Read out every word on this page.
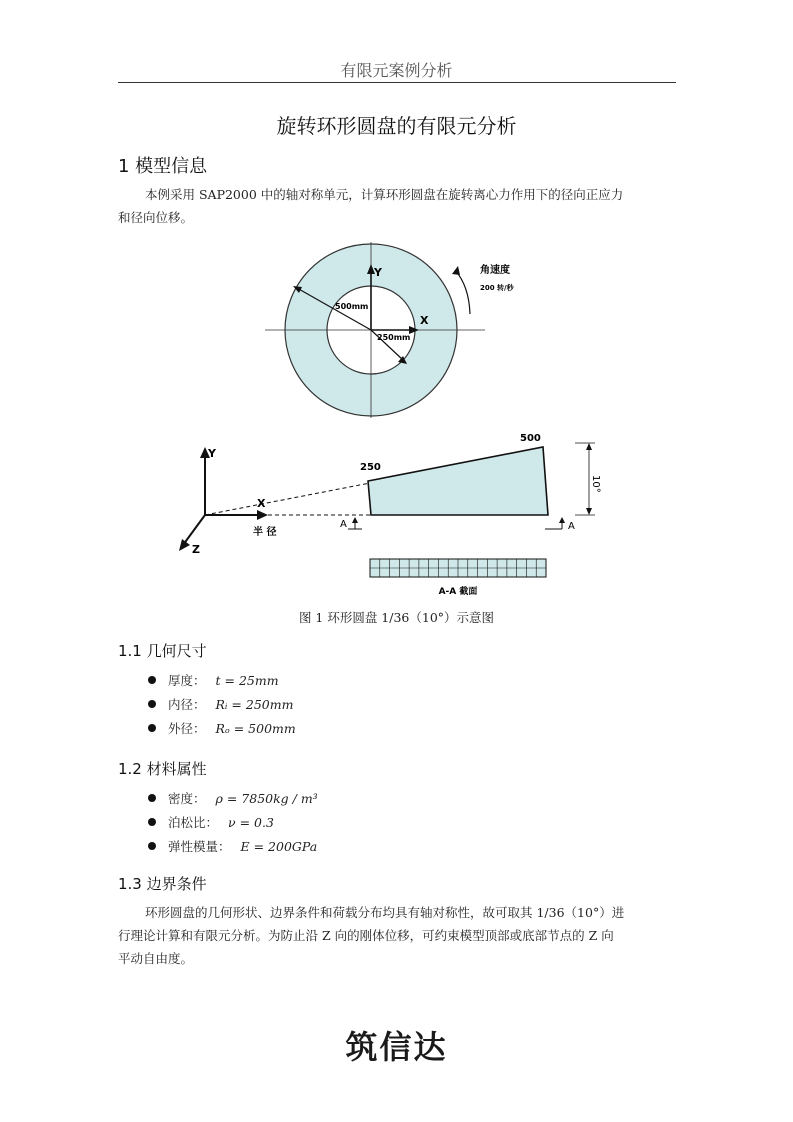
有限元案例分析
旋转环形圆盘的有限元分析
1 模型信息
本例采用 SAP2000 中的轴对称单元，计算环形圆盘在旋转离心力作用下的径向正应力
和径向位移。
Y
X
500mm
250mm
角速度
200 转/秒
Y
Z
半 径
X
250
500
10°
A	A
A-A 截面
图 1 环形圆盘 1/36（10°）示意图
1.1 几何尺寸
厚度： t = 25mm
内径： Rᵢ = 250mm
外径： Rₒ = 500mm
1.2 材料属性
密度： ρ = 7850kg / m³
泊松比： ν = 0.3
弹性模量： E = 200GPa
1.3 边界条件
环形圆盘的几何形状、边界条件和荷载分布均具有轴对称性，故可取其 1/36（10°）进
行理论计算和有限元分析。为防止沿 Z 向的刚体位移，可约束模型顶部或底部节点的 Z 向
平动自由度。
筑信达
